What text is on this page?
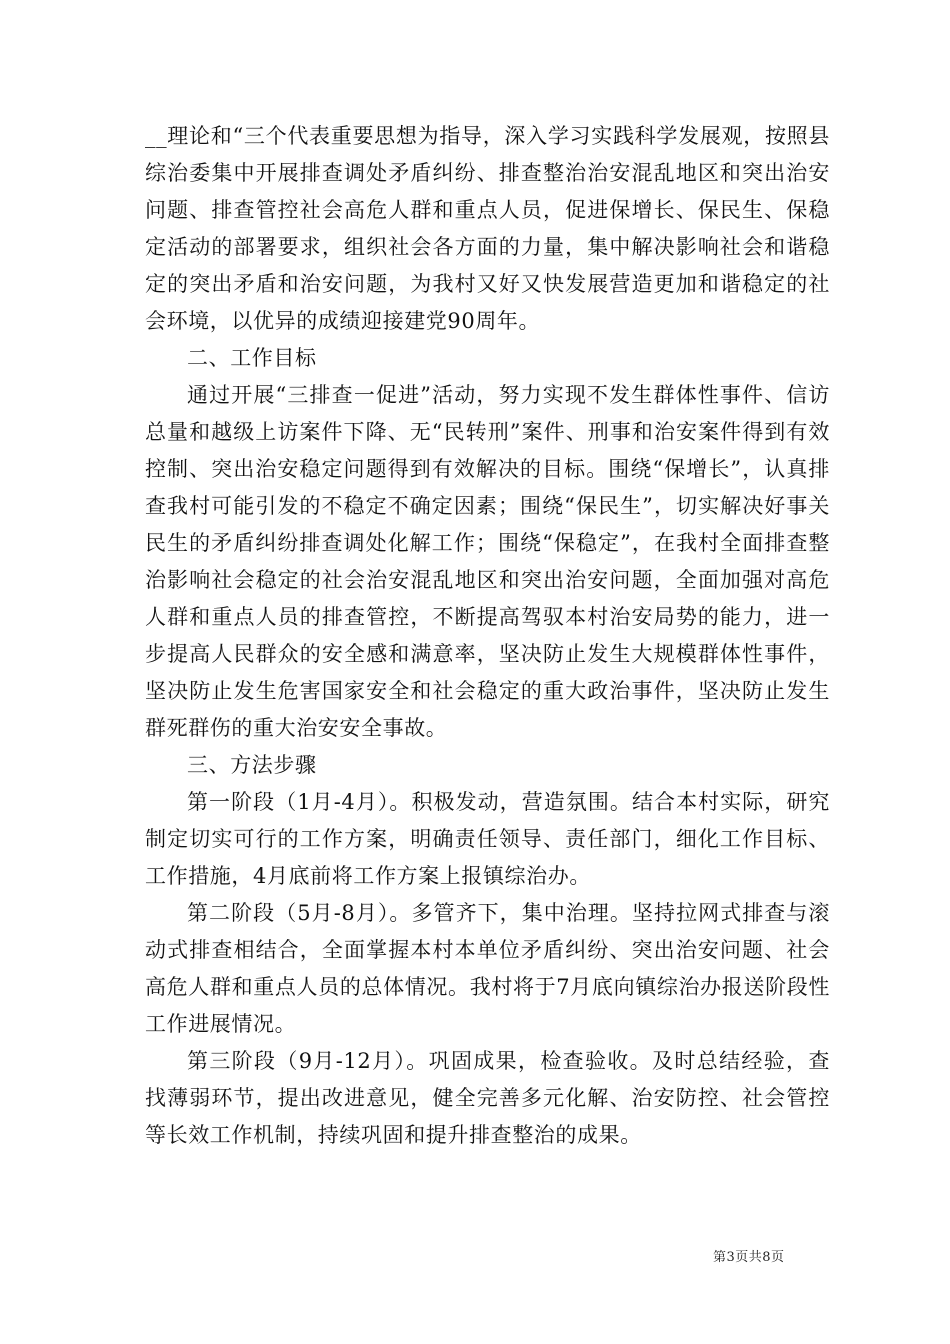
__理论和“三个代表重要思想为指导，深入学习实践科学发展观，按照县综治委集中开展排查调处矛盾纠纷、排查整治治安混乱地区和突出治安问题、排查管控社会高危人群和重点人员，促进保增长、保民生、保稳定活动的部署要求，组织社会各方面的力量，集中解决影响社会和谐稳定的突出矛盾和治安问题，为我村又好又快发展营造更加和谐稳定的社会环境，以优异的成绩迎接建党90周年。

二、工作目标

通过开展“三排查一促进”活动，努力实现不发生群体性事件、信访总量和越级上访案件下降、无“民转刑”案件、刑事和治安案件得到有效控制、突出治安稳定问题得到有效解决的目标。围绕“保增长”，认真排查我村可能引发的不稳定不确定因素；围绕“保民生”，切实解决好事关民生的矛盾纠纷排查调处化解工作；围绕“保稳定”，在我村全面排查整治影响社会稳定的社会治安混乱地区和突出治安问题，全面加强对高危人群和重点人员的排查管控，不断提高驾驭本村治安局势的能力，进一步提高人民群众的安全感和满意率，坚决防止发生大规模群体性事件，坚决防止发生危害国家安全和社会稳定的重大政治事件，坚决防止发生群死群伤的重大治安安全事故。

三、方法步骤

第一阶段（1月-4月）。积极发动，营造氛围。结合本村实际，研究制定切实可行的工作方案，明确责任领导、责任部门，细化工作目标、工作措施，4月底前将工作方案上报镇综治办。

第二阶段（5月-8月）。多管齐下，集中治理。坚持拉网式排查与滚动式排查相结合，全面掌握本村本单位矛盾纠纷、突出治安问题、社会高危人群和重点人员的总体情况。我村将于7月底向镇综治办报送阶段性工作进展情况。

第三阶段（9月-12月）。巩固成果，检查验收。及时总结经验，查找薄弱环节，提出改进意见，健全完善多元化解、治安防控、社会管控等长效工作机制，持续巩固和提升排查整治的成果。

第3页共8页
